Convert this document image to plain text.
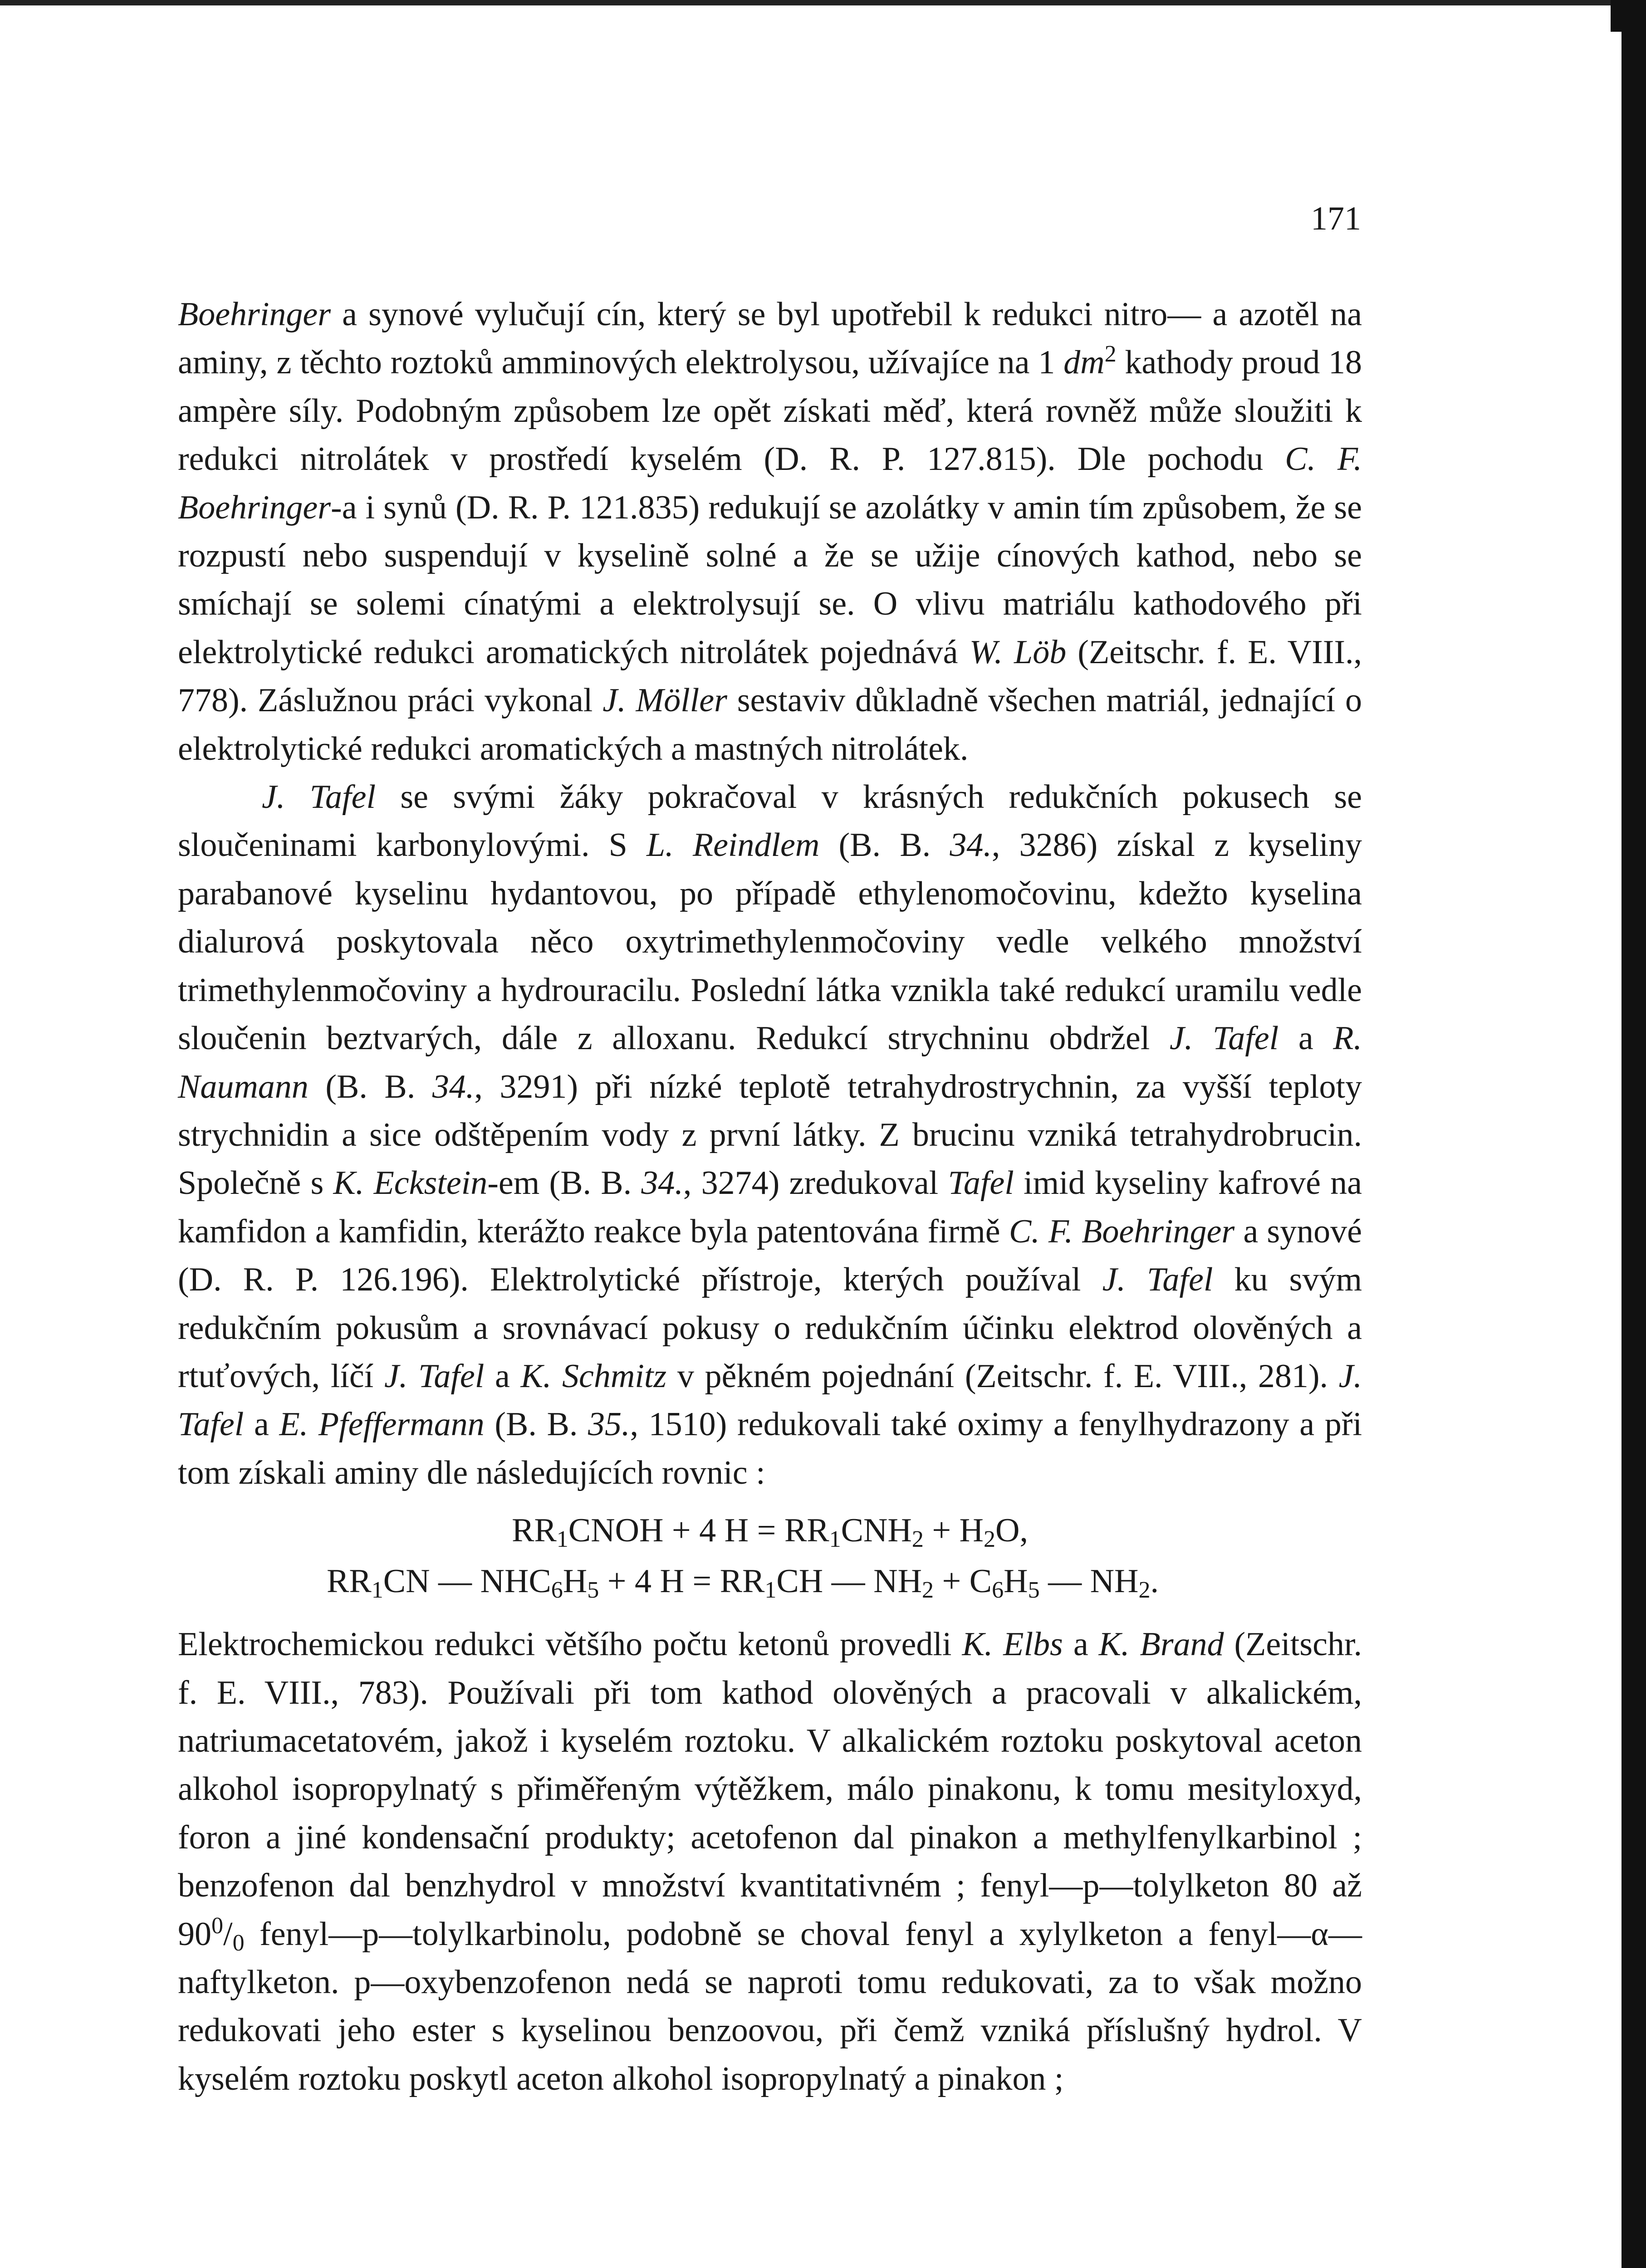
171

Boehringer a synové vylučují cín, který se byl upotřebil k redukci nitro— a azotěl na aminy, z těchto roztoků amminových elektrolysou, užívajíce na 1 $dm^2$ kathody proud 18 ampère síly. Podobným způsobem lze opět získati měď, která rovněž může sloužiti k redukci nitrolátek v prostředí kyselém (D. R. P. 127.815). Dle pochodu C. F. Boehringer-a i synů (D. R. P. 121.835) redukují se azolátky v amin tím způsobem, že se rozpustí nebo suspendují v kyselině solné a že se užije cínových kathod, nebo se smíchají se solemi cínatými a elektrolysují se. O vlivu matriálu kathodového při elektrolytické redukci aromatických nitrolátek pojednává W. Löb (Zeitschr. f. E. VIII., 778). Záslužnou práci vykonal J. Möller sestaviv důkladně všechen matriál, jednající o elektrolytické redukci aromatických a mastných nitrolátek.

J. Tafel se svými žáky pokračoval v krásných redukčních pokusech se sloučeninami karbonylovými. S L. Reindlem (B. B. 34., 3286) získal z kyseliny parabanové kyselinu hydantovou, po případě ethylenomočovinu, kdežto kyselina dialurová poskytovala něco oxytrimethylenmočoviny vedle velkého množství trimethylenmočoviny a hydrouracilu. Poslední látka vznikla také redukcí uramilu vedle sloučenin beztvarých, dále z alloxanu. Redukcí strychninu obdržel J. Tafel a R. Naumann (B. B. 34., 3291) při nízké teplotě tetrahydrostrychnin, za vyšší teploty strychnidin a sice odštěpením vody z první látky. Z brucinu vzniká tetrahydrobrucin. Společně s K. Eckstein-em (B. B. 34., 3274) zredukoval Tafel imid kyseliny kafrové na kamfidon a kamfidin, kterážto reakce byla patentována firmě C. F. Boehringer a synové (D. R. P. 126.196). Elektrolytické přístroje, kterých používal J. Tafel ku svým redukčním pokusům a srovnávací pokusy o redukčním účinku elektrod olověných a rtuťových, líčí J. Tafel a K. Schmitz v pěkném pojednání (Zeitschr. f. E. VIII., 281). J. Tafel a E. Pfeffermann (B. B. 35., 1510) redukovali také oximy a fenylhydrazony a při tom získali aminy dle následujících rovnic :

$RR_1CNOH + 4$ $H = RR_1CNH_2 + H_2O$,
$RR_1CN$ — $NHC_6H_5 + 4$ $H = RR_1CH$ — $NH_2 + C_6H_5$ — $NH_2$.

Elektrochemickou redukci většího počtu ketonů provedli K. Elbs a K. Brand (Zeitschr. f. E. VIII., 783). Používali při tom kathod olověných a pracovali v alkalickém, natriumacetatovém, jakož i kyselém roztoku. V alkalickém roztoku poskytoval aceton alkohol isopropylnatý s přiměřeným výtěžkem, málo pinakonu, k tomu mesityloxyd, foron a jiné kondensační produkty; acetofenon dal pinakon a methylfenylkarbinol ; benzofenon dal benzhydrol v množství kvantitativném ; fenyl—p—tolylketon 80 až $90^0/_0$ fenyl—p—tolylkarbinolu, podobně se choval fenyl a xylylketon a fenyl—α—naftylketon. p—oxybenzofenon nedá se naproti tomu redukovati, za to však možno redukovati jeho ester s kyselinou benzoovou, při čemž vzniká příslušný hydrol. V kyselém roztoku poskytl aceton alkohol isopropylnatý a pinakon ;
